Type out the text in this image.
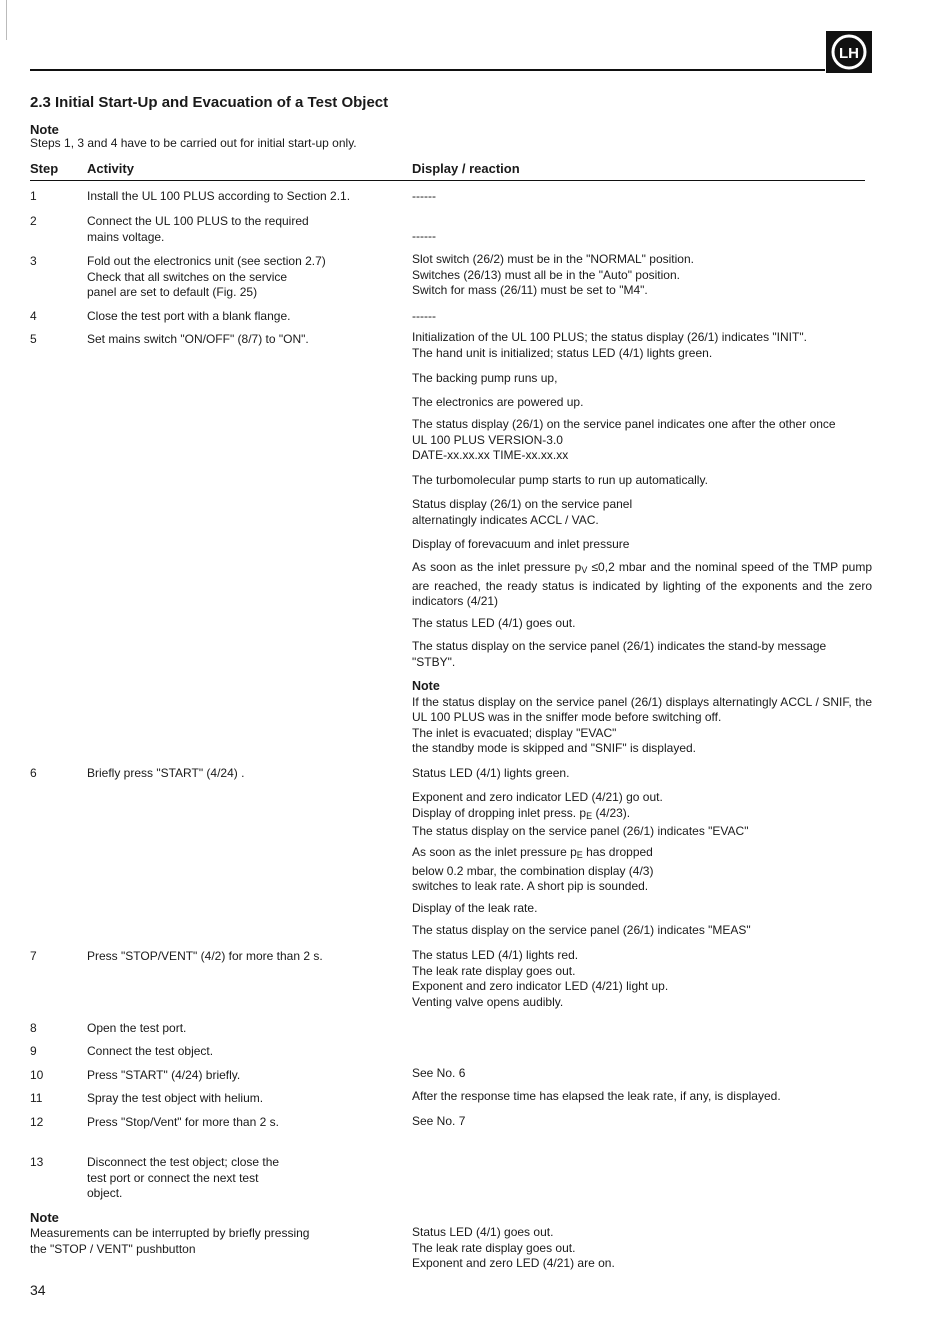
LH
2.3 Initial Start-Up and Evacuation of a Test Object
Note
Steps 1, 3 and 4 have to be carried out for initial start-up only.
Step Activity	Display / reaction
1
2
3
4
5
6
7
8
9
10
11
12
13
Install the UL 100 PLUS according to Section 2.1.
Connect the UL 100 PLUS to the required
mains voltage.
Fold out the electronics unit (see section 2.7)
Check that all switches on the service
panel are set to default (Fig. 25)
Close the test port with a blank flange.
Set mains switch "ON/OFF" (8/7) to "ON".
Briefly press "START" (4/24) .
Press "STOP/VENT" (4/2) for more than 2 s.
Open the test port.
Connect the test object.
Press "START" (4/24) briefly.
Spray the test object with helium.
Press "Stop/Vent" for more than 2 s.
Disconnect the test object; close the
test port or connect the next test
object.
------
------
Slot switch (26/2) must be in the "NORMAL" position.
Switches (26/13) must all be in the "Auto" position.
Switch for mass (26/11) must be set to "M4".
------
Initialization of the UL 100 PLUS; the status display (26/1) indicates "INIT".
The hand unit is initialized; status LED (4/1) lights green.
The backing pump runs up,
The electronics are powered up.
The status display (26/1) on the service panel indicates one after the other once
UL 100 PLUS VERSION-3.0
DATE-xx.xx.xx TIME-xx.xx.xx
The turbomolecular pump starts to run up automatically.
Status display (26/1) on the service panel
alternatingly indicates ACCL / VAC.
Display of forevacuum and inlet pressure
As soon as the inlet pressure $p_V \le 0,2$ mbar and the nominal speed of the TMP pump are reached, the ready status is indicated by lighting of the exponents and the zero indicators (4/21)
The status LED (4/1) goes out.
The status display on the service panel (26/1) indicates the stand-by message
"STBY".
Note
If the status display on the service panel (26/1) displays alternatingly ACCL / SNIF, the UL 100 PLUS was in the sniffer mode before switching off.
The inlet is evacuated; display "EVAC"
the standby mode is skipped and "SNIF" is displayed.
Status LED (4/1) lights green.
Exponent and zero indicator LED (4/21) go out.
Display of dropping inlet press. $p_E$ (4/23).
The status display on the service panel (26/1) indicates "EVAC"
As soon as the inlet pressure $p_E$ has dropped
below 0.2 mbar, the combination display (4/3)
switches to leak rate. A short pip is sounded.
Display of the leak rate.
The status display on the service panel (26/1) indicates "MEAS"
The status LED (4/1) lights red.
The leak rate display goes out.
Exponent and zero indicator LED (4/21) light up.
Venting valve opens audibly.
See No. 6
After the response time has elapsed the leak rate, if any, is displayed.
See No. 7
Note
Measurements can be interrupted by briefly pressing
the "STOP / VENT" pushbutton
Status LED (4/1) goes out.
The leak rate display goes out.
Exponent and zero LED (4/21) are on.
34
